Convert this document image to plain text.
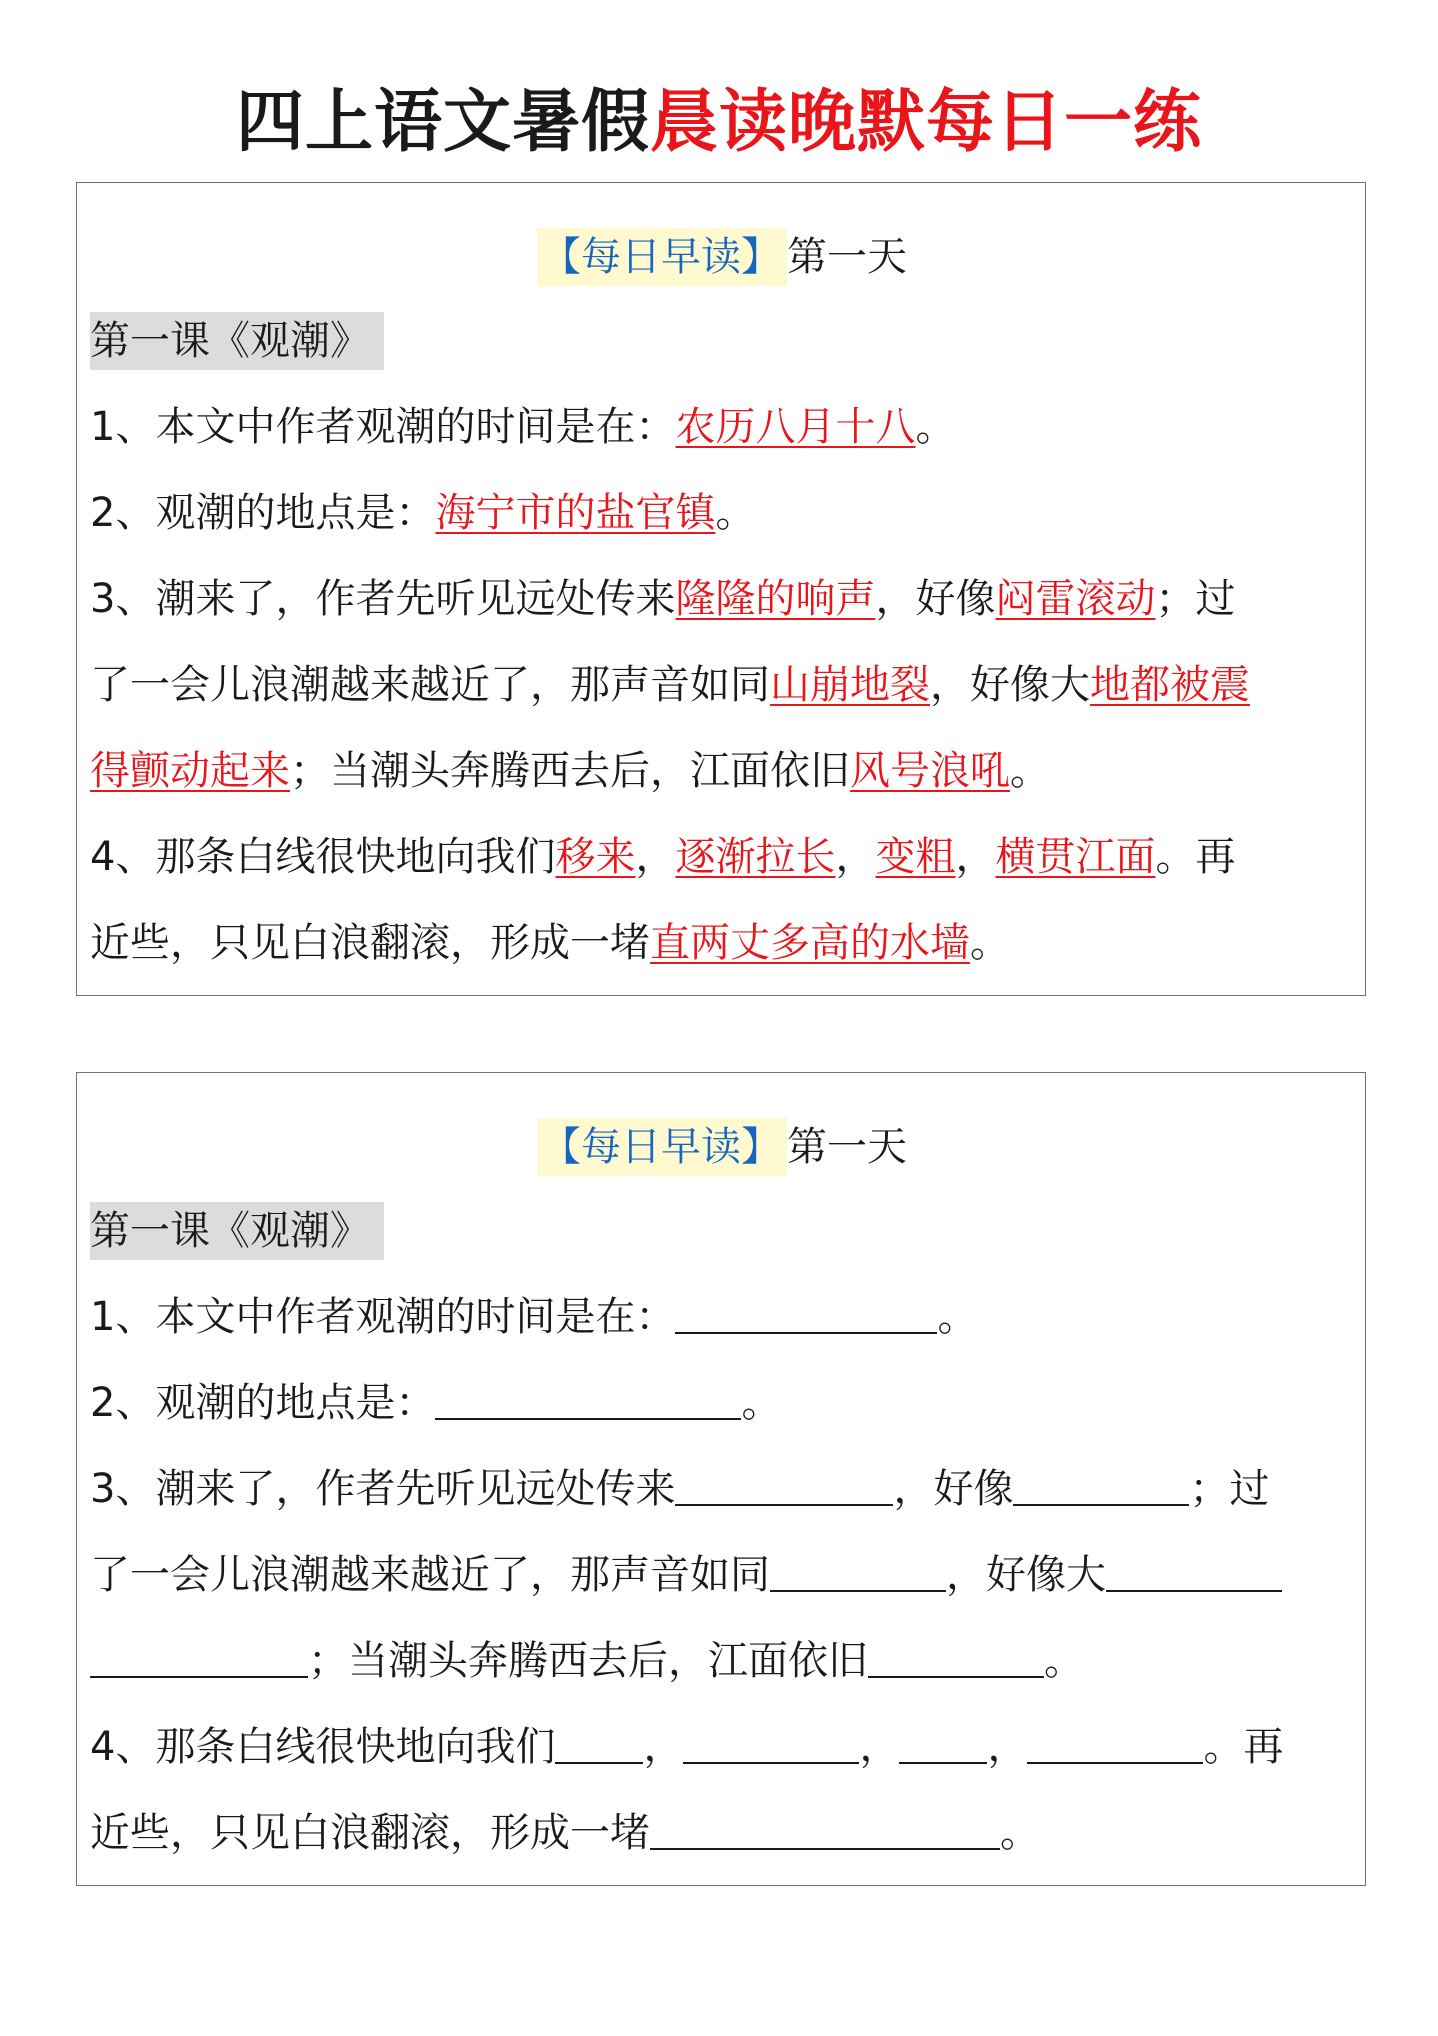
四上语文暑假晨读晚默每日一练
【每日早读】 第一天
第一课《观潮》
1、本文中作者观潮的时间是在：农历八月十八。
2、观潮的地点是：海宁市的盐官镇。
3、潮来了，作者先听见远处传来隆隆的响声，好像闷雷滚动；过
了一会儿浪潮越来越近了，那声音如同山崩地裂，好像大地都被震
得颤动起来；当潮头奔腾西去后，江面依旧风号浪吼。
4、那条白线很快地向我们移来，逐渐拉长，变粗，横贯江面。再
近些，只见白浪翻滚，形成一堵直两丈多高的水墙。
【每日早读】 第一天
第一课《观潮》
1、本文中作者观潮的时间是在：	。
2、观潮的地点是：	。
3、潮来了，作者先听见远处传来	，好像	；过
了一会儿浪潮越来越近了，那声音如同	，好像大
；当潮头奔腾西去后，江面依旧	。
4、那条白线很快地向我们 ，	， ，	。再
近些，只见白浪翻滚，形成一堵	。
